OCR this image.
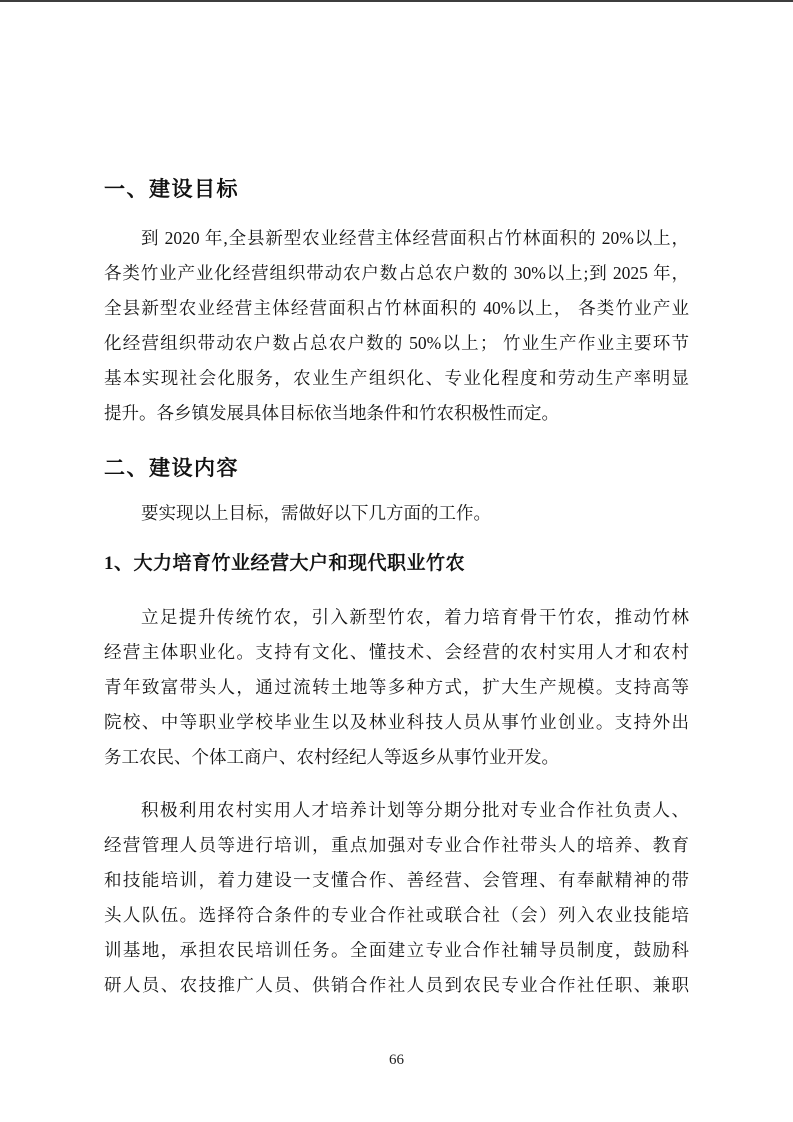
一、建设目标
到 2020 年,全县新型农业经营主体经营面积占竹林面积的 20%以上，
各类竹业产业化经营组织带动农户数占总农户数的 30%以上;到 2025 年，
全县新型农业经营主体经营面积占竹林面积的 40%以上， 各类竹业产业
化经营组织带动农户数占总农户数的 50%以上； 竹业生产作业主要环节
基本实现社会化服务，农业生产组织化、专业化程度和劳动生产率明显
提升。各乡镇发展具体目标依当地条件和竹农积极性而定。
二、建设内容
要实现以上目标，需做好以下几方面的工作。
1、大力培育竹业经营大户和现代职业竹农
立足提升传统竹农，引入新型竹农，着力培育骨干竹农，推动竹林
经营主体职业化。支持有文化、懂技术、会经营的农村实用人才和农村
青年致富带头人，通过流转土地等多种方式，扩大生产规模。支持高等
院校、中等职业学校毕业生以及林业科技人员从事竹业创业。支持外出
务工农民、个体工商户、农村经纪人等返乡从事竹业开发。
积极利用农村实用人才培养计划等分期分批对专业合作社负责人、
经营管理人员等进行培训，重点加强对专业合作社带头人的培养、教育
和技能培训，着力建设一支懂合作、善经营、会管理、有奉献精神的带
头人队伍。选择符合条件的专业合作社或联合社（会）列入农业技能培
训基地，承担农民培训任务。全面建立专业合作社辅导员制度，鼓励科
研人员、农技推广人员、供销合作社人员到农民专业合作社任职、兼职
66
